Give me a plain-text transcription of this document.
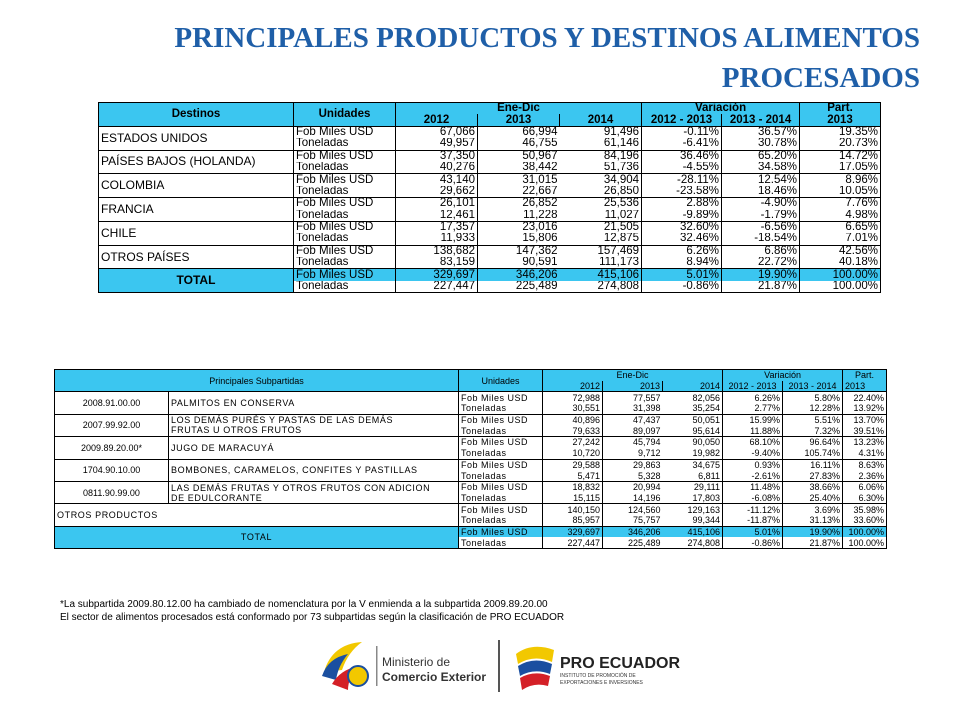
PRINCIPALES PRODUCTOS Y DESTINOS ALIMENTOS
PROCESADOS
Destinos	Unidades	Ene-Dic			Variación		Part.
		2012	2013	2014	2012 - 2013	2013 - 2014	2013
ESTADOS UNIDOS	Fob Miles USD	67,066	66,994	91,496	-0.11%	36.57%	19.35%
	Toneladas	49,957	46,755	61,146	-6.41%	30.78%	20.73%
PAÍSES BAJOS (HOLANDA)	Fob Miles USD	37,350	50,967	84,196	36.46%	65.20%	14.72%
	Toneladas	40,276	38,442	51,736	-4.55%	34.58%	17.05%
COLOMBIA	Fob Miles USD	43,140	31,015	34,904	-28.11%	12.54%	8.96%
	Toneladas	29,662	22,667	26,850	-23.58%	18.46%	10.05%
FRANCIA	Fob Miles USD	26,101	26,852	25,536	2.88%	-4.90%	7.76%
	Toneladas	12,461	11,228	11,027	-9.89%	-1.79%	4.98%
CHILE	Fob Miles USD	17,357	23,016	21,505	32.60%	-6.56%	6.65%
	Toneladas	11,933	15,806	12,875	32.46%	-18.54%	7.01%
OTROS PAÍSES	Fob Miles USD	138,682	147,362	157,469	6.26%	6.86%	42.56%
	Toneladas	83,159	90,591	111,173	8.94%	22.72%	40.18%
TOTAL	Fob Miles USD	329,697	346,206	415,106	5.01%	19.90%	100.00%
	Toneladas	227,447	225,489	274,808	-0.86%	21.87%	100.00%
Principales Subpartidas		Unidades	Ene-Dic			Variación		Part.
			2012	2013	2014	2012 - 2013	2013 - 2014	2013
2008.91.00.00	PALMITOS EN CONSERVA	Fob Miles USD	72,988	77,557	82,056	6.26%	5.80%	22.40%
		Toneladas	30,551	31,398	35,254	2.77%	12.28%	13.92%
2007.99.92.00	LOS DEMÁS PURÉS Y PASTAS DE LAS DEMÁS
FRUTAS U OTROS FRUTOS	Fob Miles USD	40,896	47,437	50,051	15.99%	5.51%	13.70%
		Toneladas	79,633	89,097	95,614	11.88%	7.32%	39.51%
2009.89.20.00*	JUGO DE MARACUYÁ	Fob Miles USD	27,242	45,794	90,050	68.10%	96.64%	13.23%
		Toneladas	10,720	9,712	19,982	-9.40%	105.74%	4.31%
1704.90.10.00	BOMBONES, CARAMELOS, CONFITES Y PASTILLAS	Fob Miles USD	29,588	29,863	34,675	0.93%	16.11%	8.63%
		Toneladas	5,471	5,328	6,811	-2.61%	27.83%	2.36%
0811.90.99.00	LAS DEMÁS FRUTAS Y OTROS FRUTOS CON ADICION
DE EDULCORANTE	Fob Miles USD	18,832	20,994	29,111	11.48%	38.66%	6.06%
		Toneladas	15,115	14,196	17,803	-6.08%	25.40%	6.30%
OTROS PRODUCTOS		Fob Miles USD	140,150	124,560	129,163	-11.12%	3.69%	35.98%
		Toneladas	85,957	75,757	99,344	-11.87%	31.13%	33.60%
TOTAL		Fob Miles USD	329,697	346,206	415,106	5.01%	19.90%	100.00%
		Toneladas	227,447	225,489	274,808	-0.86%	21.87%	100.00%
*La subpartida 2009.80.12.00 ha cambiado de nomenclatura por la V enmienda a la subpartida 2009.89.20.00
El sector de alimentos procesados está conformado por 73 subpartidas según la clasificación de PRO ECUADOR
Ministerio de
Comercio Exterior
PRO ECUADOR
INSTITUTO DE PROMOCIÓN DE
EXPORTACIONES E INVERSIONES
